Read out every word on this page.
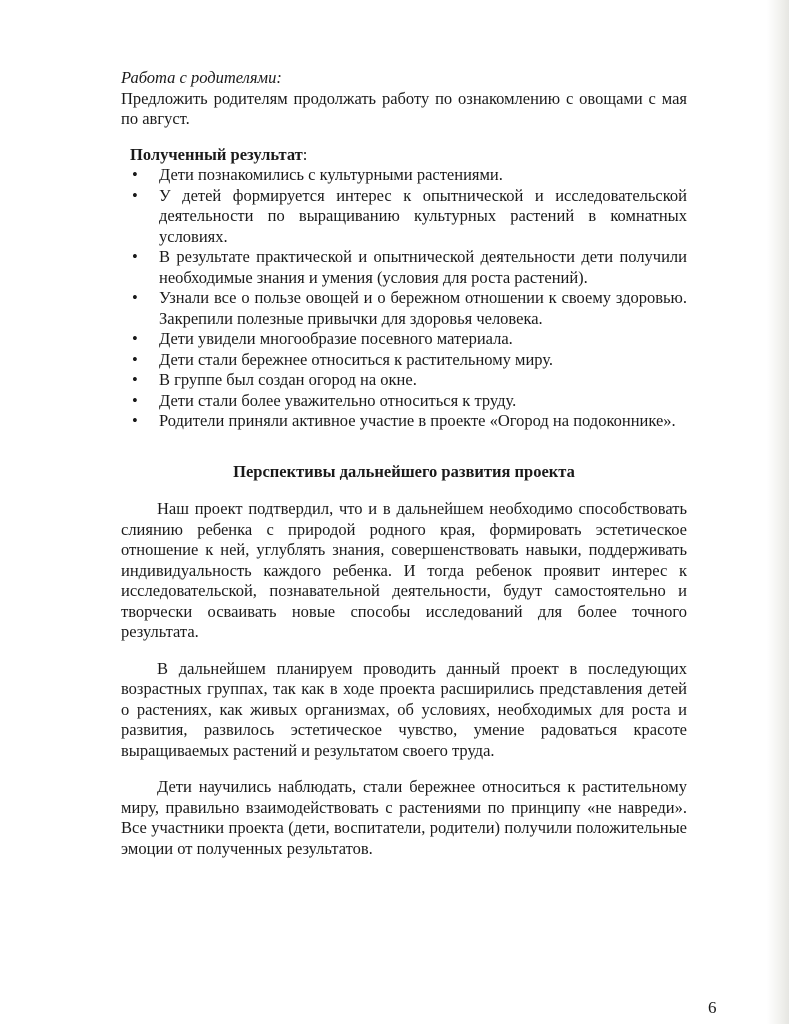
Работа с родителями:

Предложить родителям продолжать работу по ознакомлению с овощами с мая по август.

Полученный результат:
• Дети познакомились с культурными растениями.
• У детей формируется интерес к опытнической и исследовательской деятельности по выращиванию культурных растений в комнатных условиях.
• В результате практической и опытнической деятельности дети получили необходимые знания и умения (условия для роста растений).
• Узнали все о пользе овощей и о бережном отношении к своему здоровью. Закрепили полезные привычки для здоровья человека.
• Дети увидели многообразие посевного материала.
• Дети стали бережнее относиться к растительному миру.
• В группе был создан огород на окне.
• Дети стали более уважительно относиться к труду.
• Родители приняли активное участие в проекте «Огород на подоконнике».
Перспективы дальнейшего развития проекта

Наш проект подтвердил, что и в дальнейшем необходимо способствовать слиянию ребенка с природой родного края, формировать эстетическое отношение к ней, углублять знания, совершенствовать навыки, поддерживать индивидуальность каждого ребенка. И тогда ребенок проявит интерес к исследовательской, познавательной деятельности, будут самостоятельно и творчески осваивать новые способы исследований для более точного результата.

В дальнейшем планируем проводить данный проект в последующих возрастных группах, так как в ходе проекта расширились представления детей о растениях, как живых организмах, об условиях, необходимых для роста и развития, развилось эстетическое чувство, умение радоваться красоте выращиваемых растений и результатом своего труда.

Дети научились наблюдать, стали бережнее относиться к растительному миру, правильно взаимодействовать с растениями по принципу «не навреди». Все участники проекта (дети, воспитатели, родители) получили положительные эмоции от полученных результатов.

6
